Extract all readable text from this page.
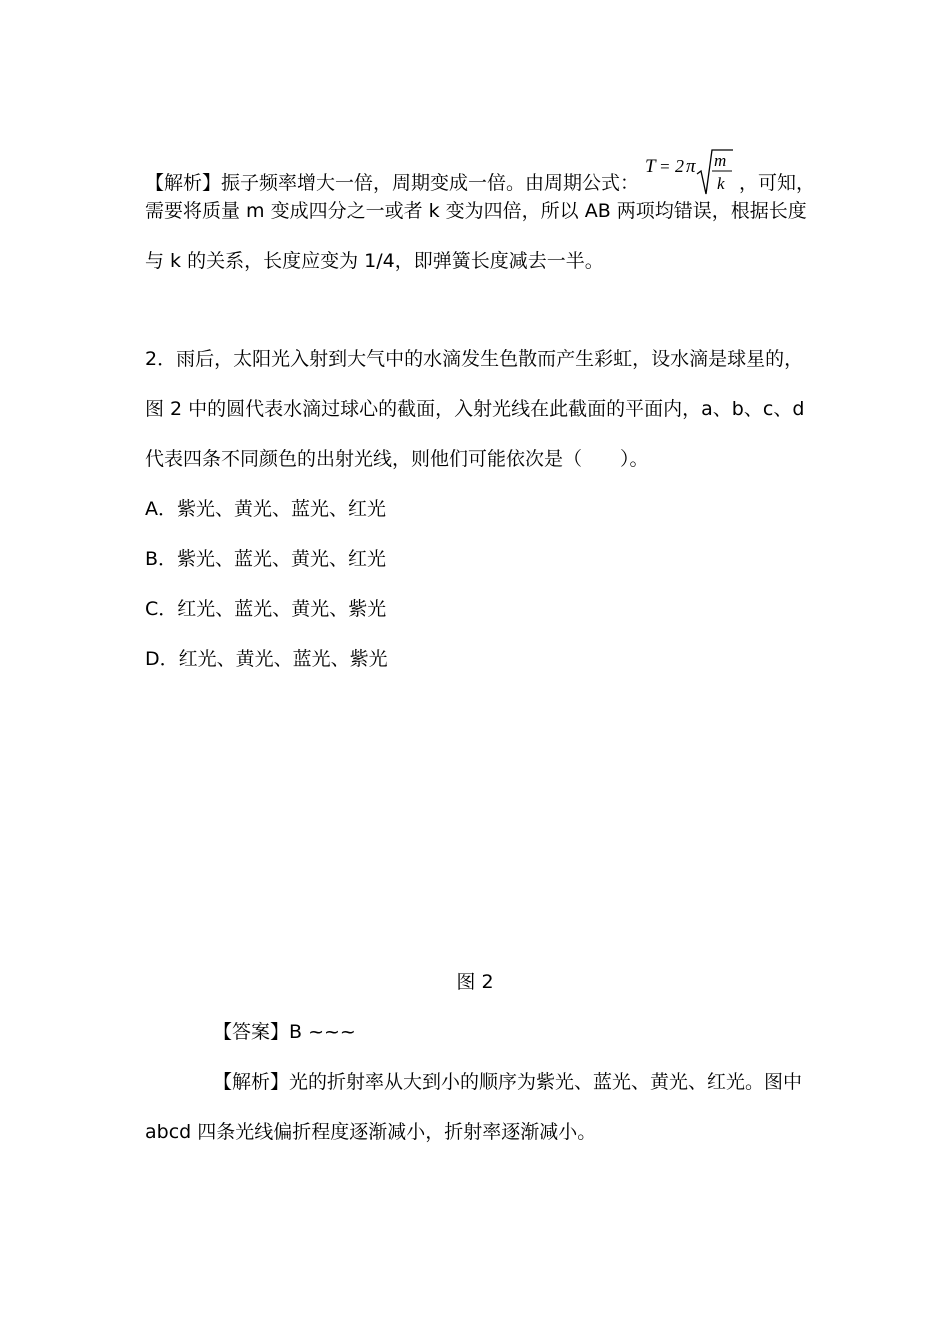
【解析】振子频率增大一倍，周期变成一倍。由周期公式：
T = 2 π m
k ，可知，
需要将质量 m 变成四分之一或者 k 变为四倍，所以 AB 两项均错误，根据长度
与 k 的关系，长度应变为 1/4，即弹簧长度减去一半。
2．雨后，太阳光入射到大气中的水滴发生色散而产生彩虹，设水滴是球星的，
图 2 中的圆代表水滴过球心的截面，入射光线在此截面的平面内，a、b、c、d
代表四条不同颜色的出射光线，则他们可能依次是（　　）。
A．紫光、黄光、蓝光、红光
B．紫光、蓝光、黄光、红光
C．红光、蓝光、黄光、紫光
D．红光、黄光、蓝光、紫光
图 2
【答案】B ~~~
【解析】光的折射率从大到小的顺序为紫光、蓝光、黄光、红光。图中
abcd 四条光线偏折程度逐渐减小，折射率逐渐减小。
